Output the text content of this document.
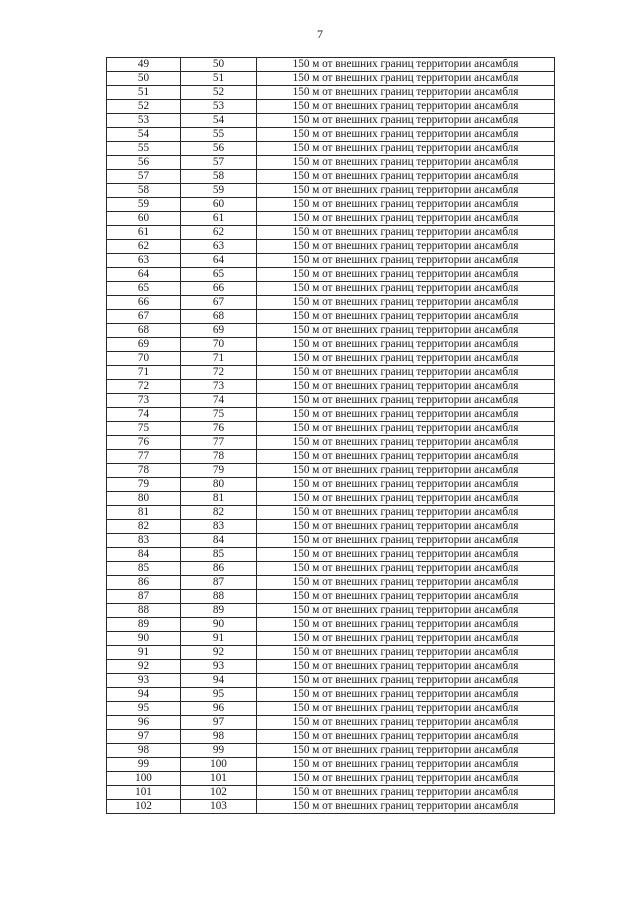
7
49	50	150 м от внешних границ территории ансамбля
50	51	150 м от внешних границ территории ансамбля
51	52	150 м от внешних границ территории ансамбля
52	53	150 м от внешних границ территории ансамбля
53	54	150 м от внешних границ территории ансамбля
54	55	150 м от внешних границ территории ансамбля
55	56	150 м от внешних границ территории ансамбля
56	57	150 м от внешних границ территории ансамбля
57	58	150 м от внешних границ территории ансамбля
58	59	150 м от внешних границ территории ансамбля
59	60	150 м от внешних границ территории ансамбля
60	61	150 м от внешних границ территории ансамбля
61	62	150 м от внешних границ территории ансамбля
62	63	150 м от внешних границ территории ансамбля
63	64	150 м от внешних границ территории ансамбля
64	65	150 м от внешних границ территории ансамбля
65	66	150 м от внешних границ территории ансамбля
66	67	150 м от внешних границ территории ансамбля
67	68	150 м от внешних границ территории ансамбля
68	69	150 м от внешних границ территории ансамбля
69	70	150 м от внешних границ территории ансамбля
70	71	150 м от внешних границ территории ансамбля
71	72	150 м от внешних границ территории ансамбля
72	73	150 м от внешних границ территории ансамбля
73	74	150 м от внешних границ территории ансамбля
74	75	150 м от внешних границ территории ансамбля
75	76	150 м от внешних границ территории ансамбля
76	77	150 м от внешних границ территории ансамбля
77	78	150 м от внешних границ территории ансамбля
78	79	150 м от внешних границ территории ансамбля
79	80	150 м от внешних границ территории ансамбля
80	81	150 м от внешних границ территории ансамбля
81	82	150 м от внешних границ территории ансамбля
82	83	150 м от внешних границ территории ансамбля
83	84	150 м от внешних границ территории ансамбля
84	85	150 м от внешних границ территории ансамбля
85	86	150 м от внешних границ территории ансамбля
86	87	150 м от внешних границ территории ансамбля
87	88	150 м от внешних границ территории ансамбля
88	89	150 м от внешних границ территории ансамбля
89	90	150 м от внешних границ территории ансамбля
90	91	150 м от внешних границ территории ансамбля
91	92	150 м от внешних границ территории ансамбля
92	93	150 м от внешних границ территории ансамбля
93	94	150 м от внешних границ территории ансамбля
94	95	150 м от внешних границ территории ансамбля
95	96	150 м от внешних границ территории ансамбля
96	97	150 м от внешних границ территории ансамбля
97	98	150 м от внешних границ территории ансамбля
98	99	150 м от внешних границ территории ансамбля
99	100	150 м от внешних границ территории ансамбля
100	101	150 м от внешних границ территории ансамбля
101	102	150 м от внешних границ территории ансамбля
102	103	150 м от внешних границ территории ансамбля
